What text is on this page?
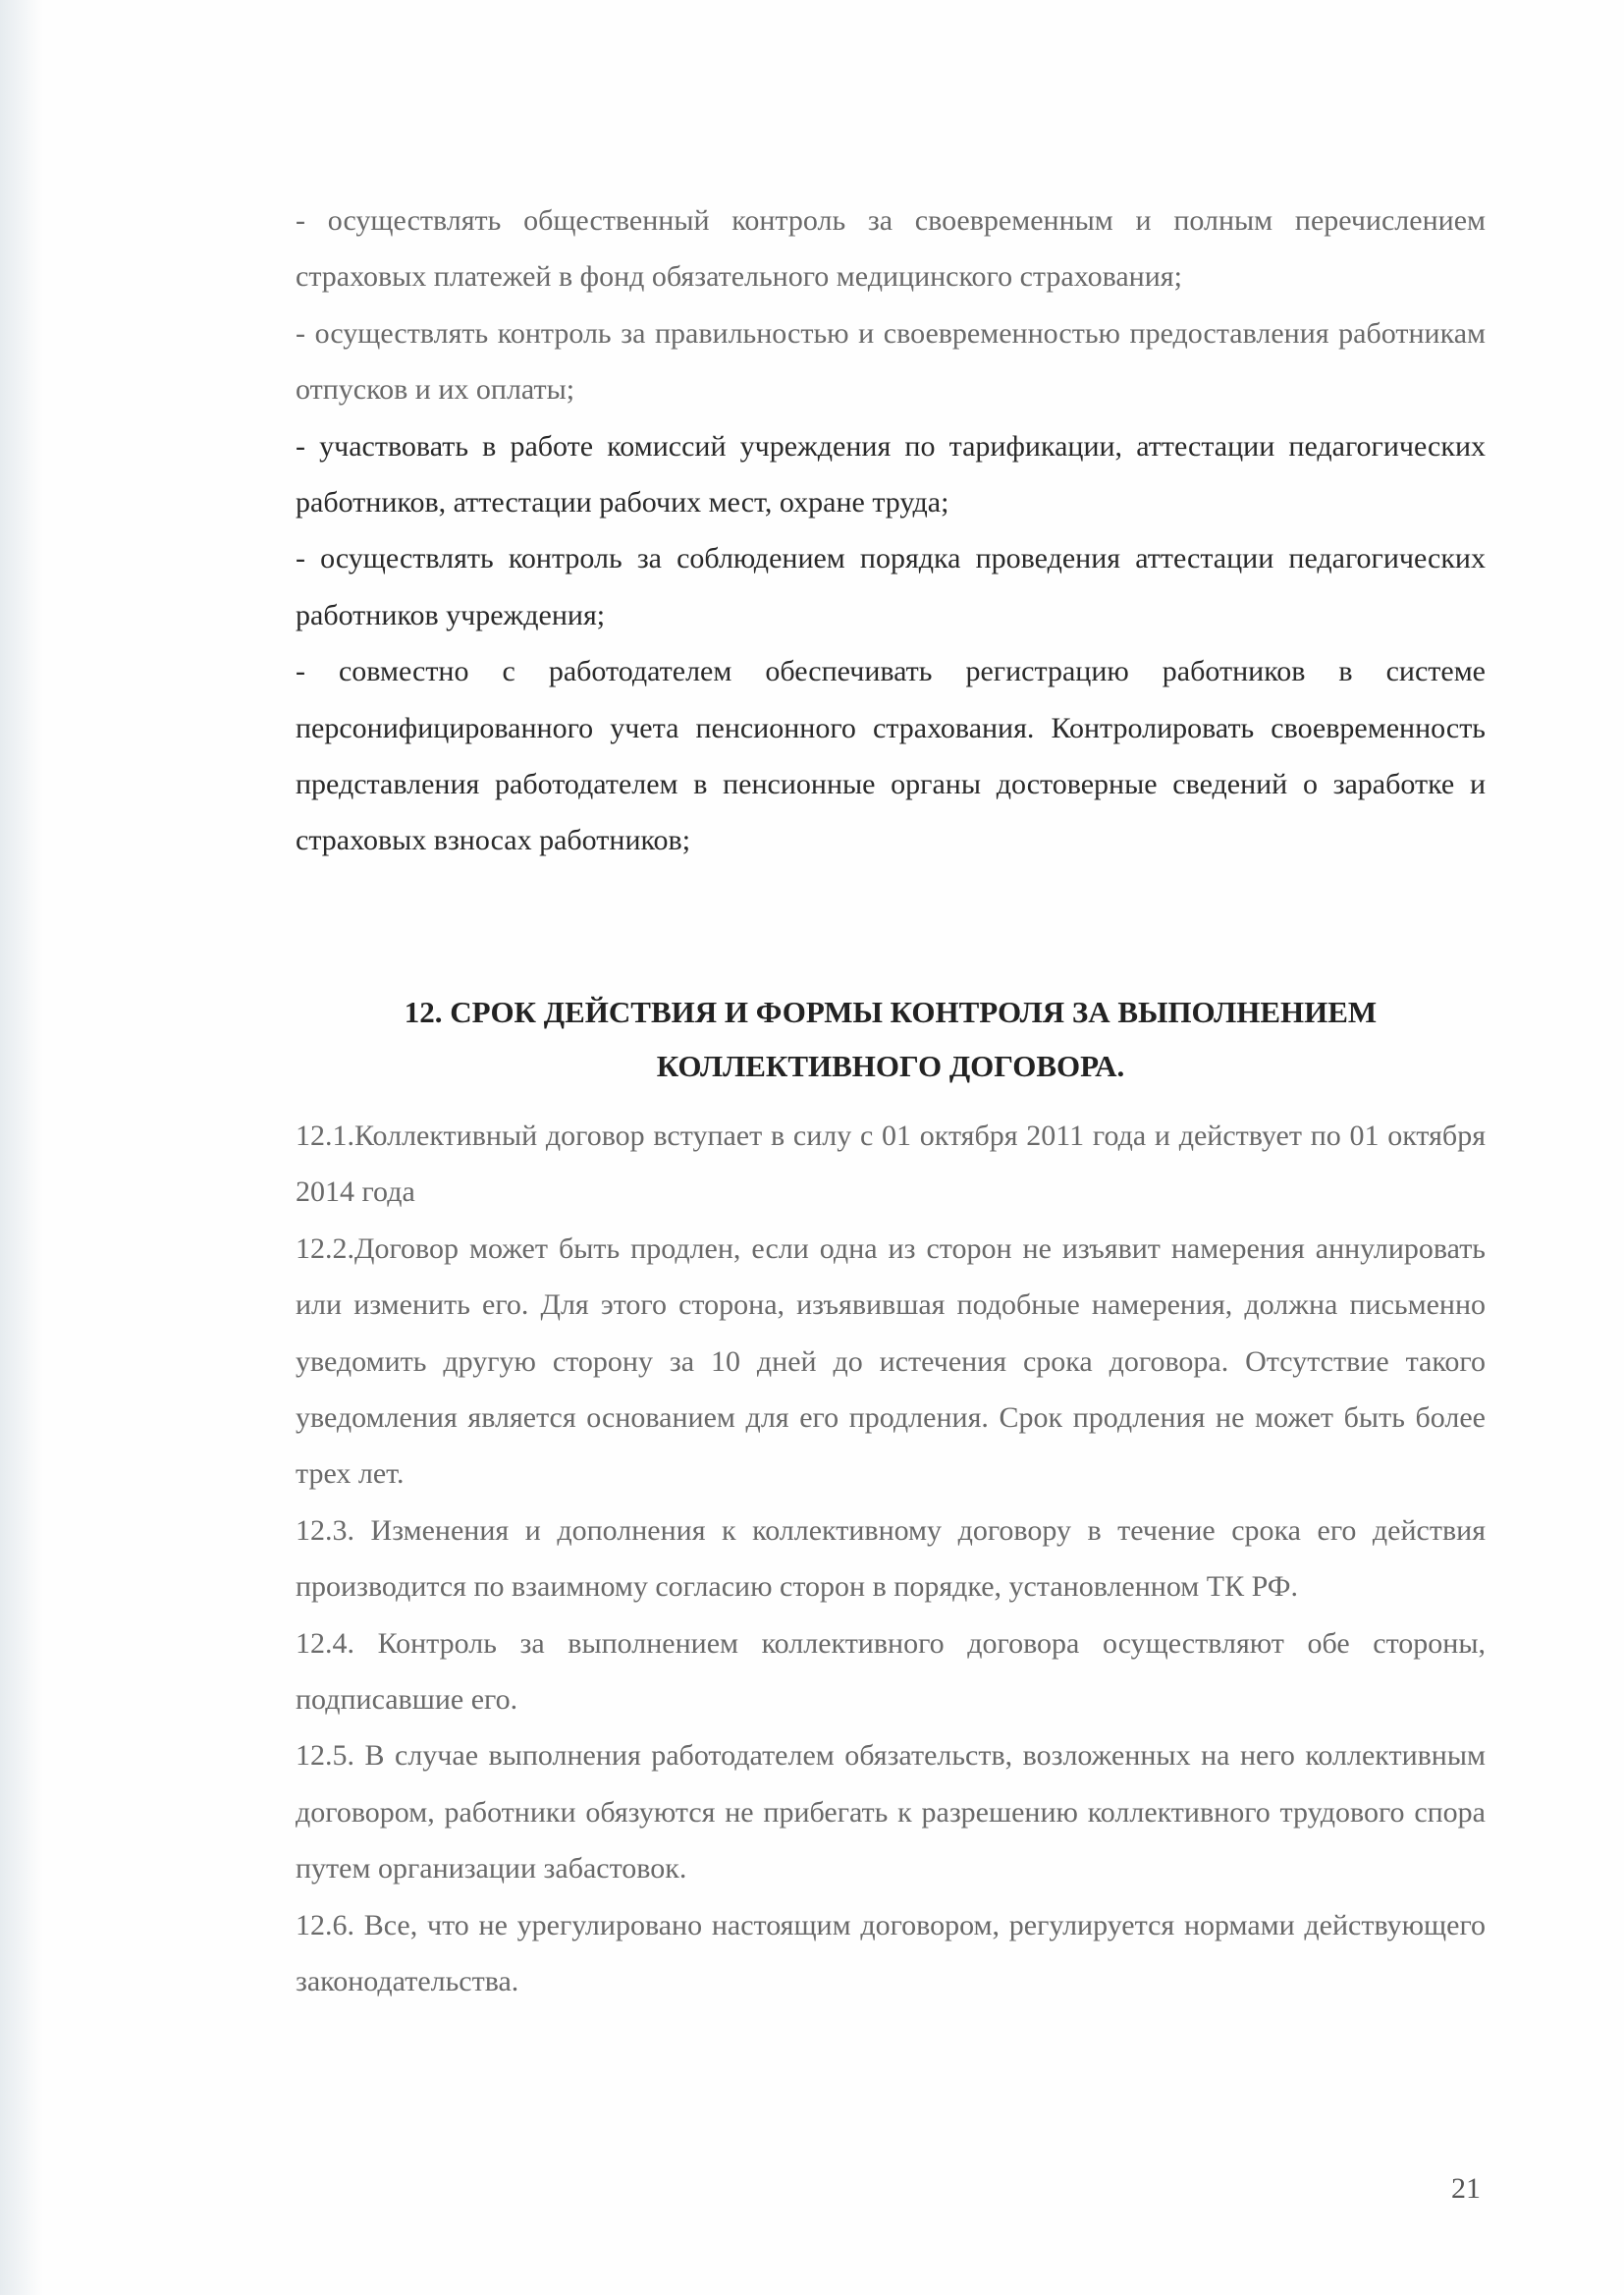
- осуществлять общественный контроль за своевременным и полным перечислением страховых платежей в фонд обязательного медицинского страхования;

- осуществлять контроль за правильностью и своевременностью предоставления работникам отпусков и их оплаты;

- участвовать в работе комиссий учреждения по тарификации, аттестации педагогических работников, аттестации рабочих мест, охране труда;

- осуществлять контроль за соблюдением порядка проведения аттестации педагогических работников учреждения;

- совместно с работодателем обеспечивать регистрацию работников в системе персонифицированного учета пенсионного страхования. Контролировать своевременность представления работодателем в пенсионные органы достоверные сведений о заработке и страховых взносах работников;

12. СРОК ДЕЙСТВИЯ И ФОРМЫ КОНТРОЛЯ ЗА ВЫПОЛНЕНИЕМ
КОЛЛЕКТИВНОГО ДОГОВОРА.

12.1.Коллективный договор вступает в силу с 01 октября 2011 года и действует по 01 октября 2014 года

12.2.Договор может быть продлен, если одна из сторон не изъявит намерения аннулировать или изменить его. Для этого сторона, изъявившая подобные намерения, должна письменно уведомить другую сторону за 10 дней до истечения срока договора. Отсутствие такого уведомления является основанием для его продления. Срок продления не может быть более трех лет.

12.3. Изменения и дополнения к коллективному договору в течение срока его действия производится по взаимному согласию сторон в порядке, установленном ТК РФ.

12.4. Контроль за выполнением коллективного договора осуществляют обе стороны, подписавшие его.

12.5. В случае выполнения работодателем обязательств, возложенных на него коллективным договором, работники обязуются не прибегать к разрешению коллективного трудового спора путем организации забастовок.

12.6. Все, что не урегулировано настоящим договором, регулируется нормами действующего законодательства.

21
